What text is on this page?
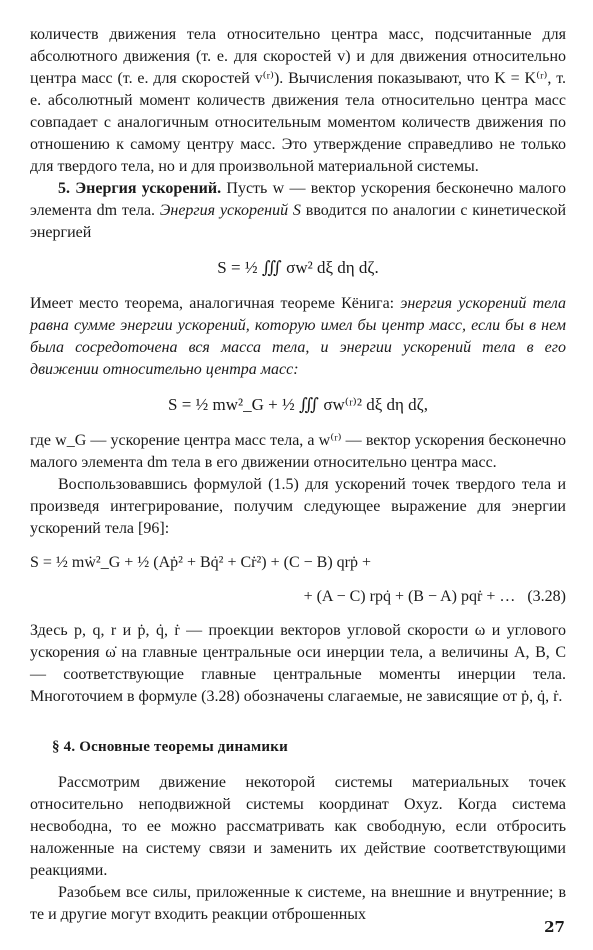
количеств движения тела относительно центра масс, подсчитанные для абсолютного движения (т. е. для скоростей v) и для движения относительно центра масс (т. е. для скоростей v⁽ʳ⁾). Вычисления показывают, что K = K⁽ʳ⁾, т. е. абсолютный момент количеств движения тела относительно центра масс совпадает с аналогичным относительным моментом количеств движения по отношению к самому центру масс. Это утверждение справедливо не только для твердого тела, но и для произвольной материальной системы.

5. Энергия ускорений. Пусть w — вектор ускорения бесконечно малого элемента dm тела. Энергия ускорений S вводится по аналогии с кинетической энергией

S = ½ ∭ σw² dξ dη dζ.

Имеет место теорема, аналогичная теореме Кёнига: энергия ускорений тела равна сумме энергии ускорений, которую имел бы центр масс, если бы в нем была сосредоточена вся масса тела, и энергии ускорений тела в его движении относительно центра масс:

S = ½ mw²_G + ½ ∭ σw⁽ʳ⁾² dξ dη dζ,

где w_G — ускорение центра масс тела, а w⁽ʳ⁾ — вектор ускорения бесконечно малого элемента dm тела в его движении относительно центра масс.

Воспользовавшись формулой (1.5) для ускорений точек твердого тела и произведя интегрирование, получим следующее выражение для энергии ускорений тела [96]:

S = ½ mẇ²_G + ½ (Aṗ² + Bq̇² + Cṙ²) + (C − B) qrṗ +
+ (A − C) rpq̇ + (B − A) pqṙ + … (3.28)

Здесь p, q, r и ṗ, q̇, ṙ — проекции векторов угловой скорости ω и углового ускорения ω̇ на главные центральные оси инерции тела, а величины A, B, C — соответствующие главные центральные моменты инерции тела. Многоточием в формуле (3.28) обозначены слагаемые, не зависящие от ṗ, q̇, ṙ.

§ 4. Основные теоремы динамики

Рассмотрим движение некоторой системы материальных точек относительно неподвижной системы координат Oxyz. Когда система несвободна, то ее можно рассматривать как свободную, если отбросить наложенные на систему связи и заменить их действие соответствующими реакциями.

Разобьем все силы, приложенные к системе, на внешние и внутренние; в те и другие могут входить реакции отброшенных

27
